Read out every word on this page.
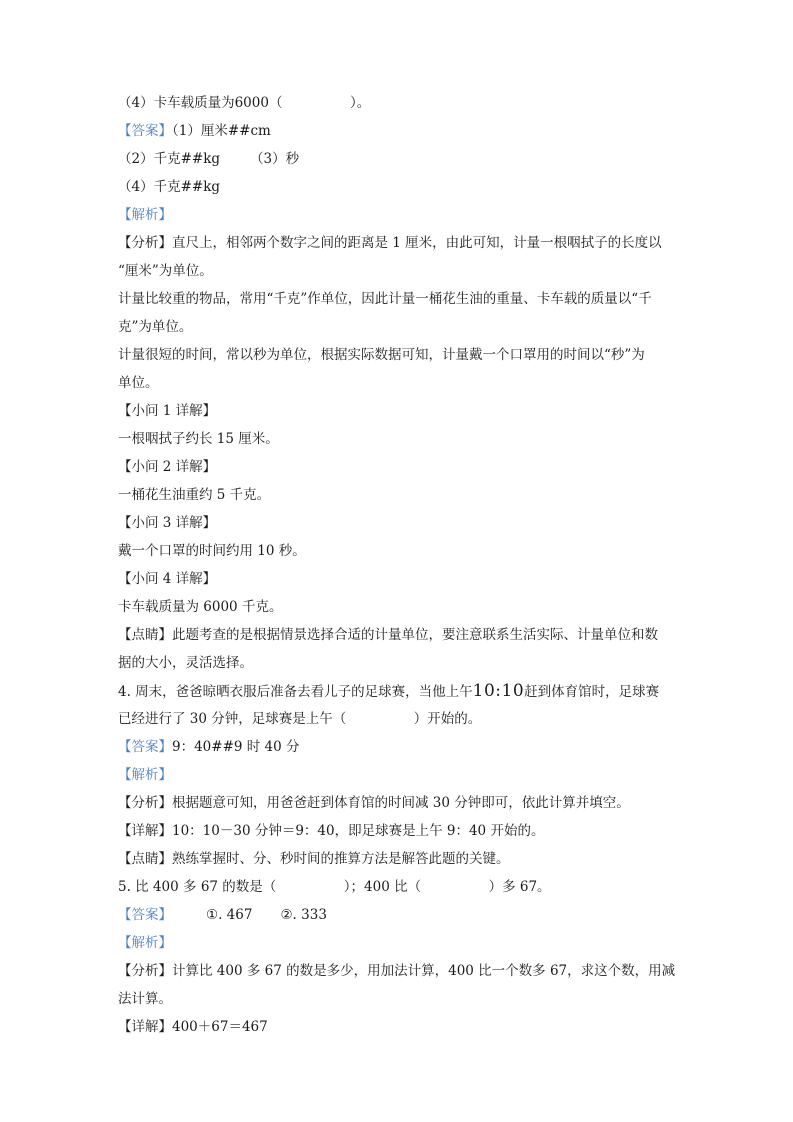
（4）卡车载质量为6000（　　　　　）。
【答案】（1）厘米##cm
（2）千克##kg （3）秒
（4）千克##kg
【解析】
【分析】直尺上，相邻两个数字之间的距离是 1 厘米，由此可知，计量一根咽拭子的长度以
“厘米”为单位。
计量比较重的物品，常用“千克”作单位，因此计量一桶花生油的重量、卡车载的质量以“千
克”为单位。
计量很短的时间，常以秒为单位，根据实际数据可知，计量戴一个口罩用的时间以“秒”为
单位。
【小问 1 详解】
一根咽拭子约长 15 厘米。
【小问 2 详解】
一桶花生油重约 5 千克。
【小问 3 详解】
戴一个口罩的时间约用 10 秒。
【小问 4 详解】
卡车载质量为 6000 千克。
【点睛】此题考查的是根据情景选择合适的计量单位，要注意联系生活实际、计量单位和数
据的大小，灵活选择。
4. 周末，爸爸晾晒衣服后准备去看儿子的足球赛，当他上午10:10赶到体育馆时，足球赛
已经进行了 30 分钟，足球赛是上午（　　　　　）开始的。
【答案】9：40##9 时 40 分
【解析】
【分析】根据题意可知，用爸爸赶到体育馆的时间减 30 分钟即可，依此计算并填空。
【详解】10：10－30 分钟＝9：40，即足球赛是上午 9：40 开始的。
【点睛】熟练掌握时、分、秒时间的推算方法是解答此题的关键。
5. 比 400 多 67 的数是（　　　　　）；400 比（　　　　　）多 67。
【答案】	①. 467 ②. 333
【解析】
【分析】计算比 400 多 67 的数是多少，用加法计算，400 比一个数多 67，求这个数，用减
法计算。
【详解】400＋67＝467
